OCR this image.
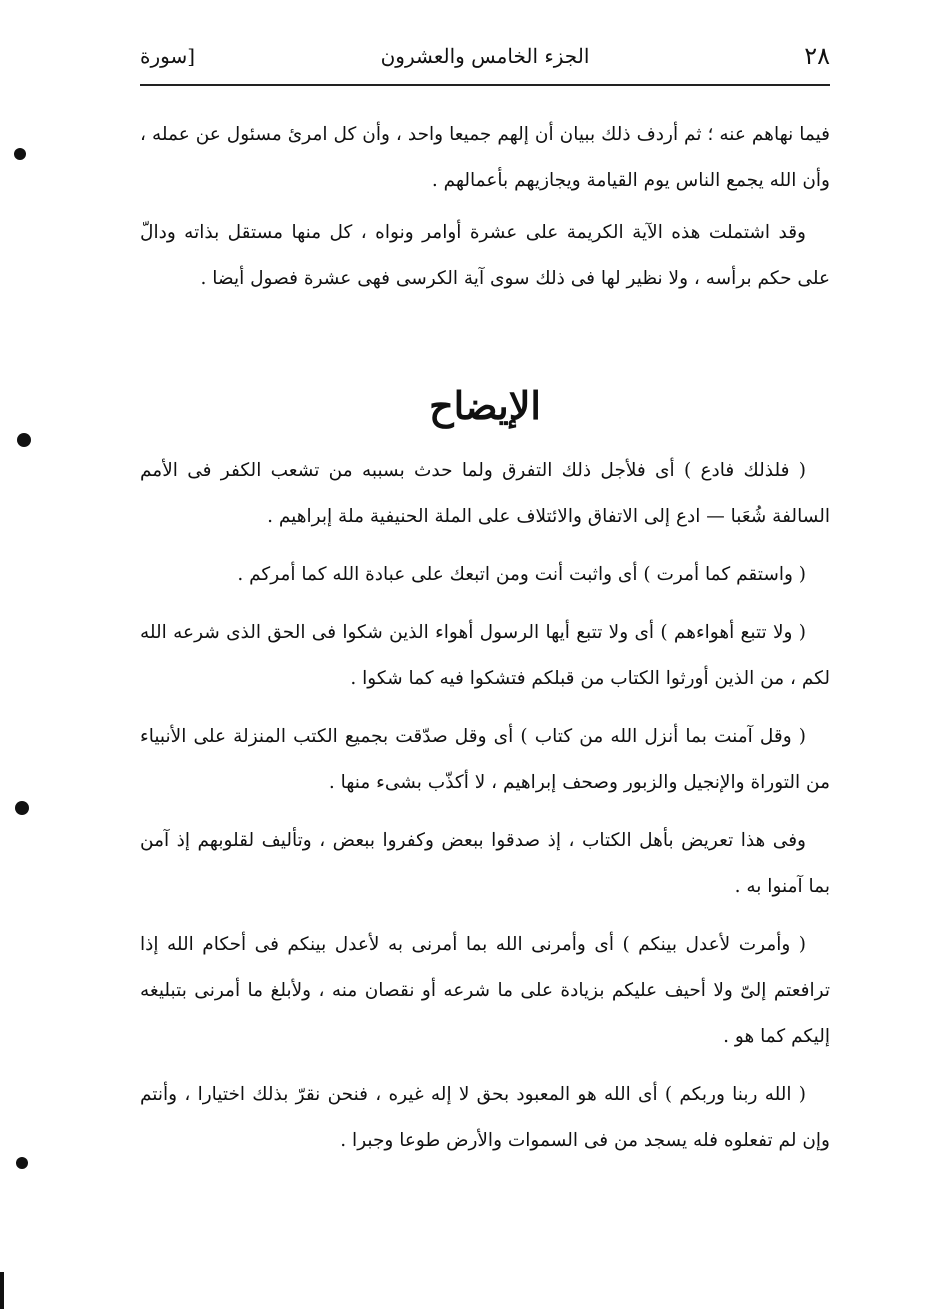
٢٨
الجزء الخامس والعشرون
[سورة

فيما نهاهم عنه ؛ ثم أردف ذلك ببيان أن إلهم جميعا واحد ، وأن كل امرئ مسئول عن عمله ، وأن الله يجمع الناس يوم القيامة ويجازيهم بأعمالهم .

وقد اشتملت هذه الآية الكريمة على عشرة أوامر ونواه ، كل منها مستقل بذاته ودالّ على حكم برأسه ، ولا نظير لها فى ذلك سوى آية الكرسى فهى عشرة فصول أيضا .

الإيضاح

( فلذلك فادع ) أى فلأجل ذلك التفرق ولما حدث بسببه من تشعب الكفر فى الأمم السالفة شُعَبا — ادع إلى الاتفاق والائتلاف على الملة الحنيفية ملة إبراهيم .

( واستقم كما أمرت ) أى واثبت أنت ومن اتبعك على عبادة الله كما أمركم .

( ولا تتبع أهواءهم ) أى ولا تتبع أيها الرسول أهواء الذين شكوا فى الحق الذى شرعه الله لكم ، من الذين أورثوا الكتاب من قبلكم فتشكوا فيه كما شكوا .

( وقل آمنت بما أنزل الله من كتاب ) أى وقل صدّقت بجميع الكتب المنزلة على الأنبياء من التوراة والإنجيل والزبور وصحف إبراهيم ، لا أكذّب بشىء منها .

وفى هذا تعريض بأهل الكتاب ، إذ صدقوا ببعض وكفروا ببعض ، وتأليف لقلوبهم إذ آمن بما آمنوا به .

( وأمرت لأعدل بينكم ) أى وأمرنى الله بما أمرنى به لأعدل بينكم فى أحكام الله إذا ترافعتم إلىّ ولا أحيف عليكم بزيادة على ما شرعه أو نقصان منه ، ولأبلغ ما أمرنى بتبليغه إليكم كما هو .

( الله ربنا وربكم ) أى الله هو المعبود بحق لا إله غيره ، فنحن نقرّ بذلك اختيارا ، وأنتم وإن لم تفعلوه فله يسجد من فى السموات والأرض طوعا وجبرا .
